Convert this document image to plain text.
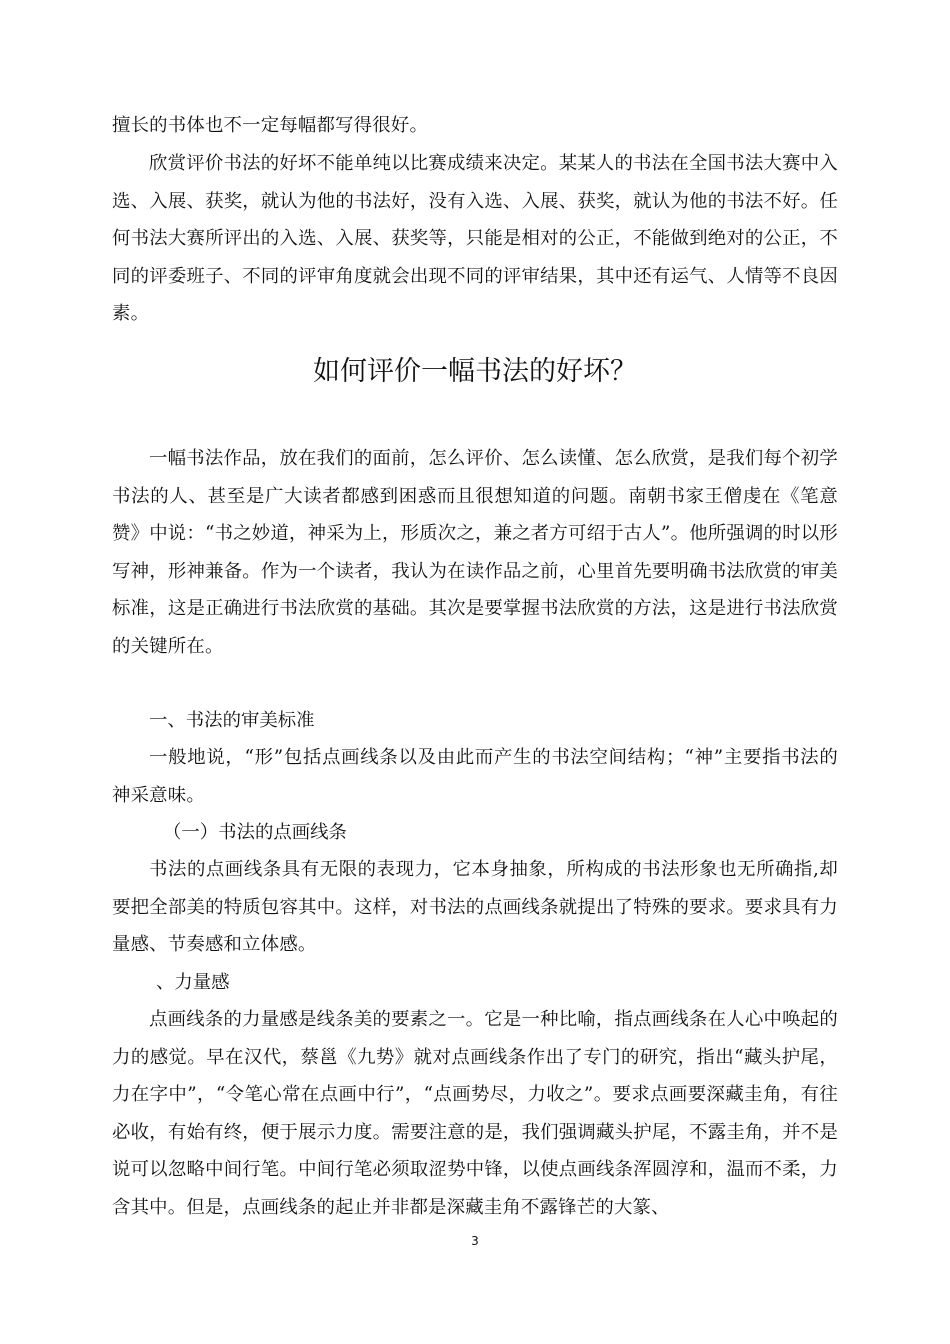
擅长的书体也不一定每幅都写得很好。

欣赏评价书法的好坏不能单纯以比赛成绩来决定。某某人的书法在全国书法大赛中入选、入展、获奖，就认为他的书法好，没有入选、入展、获奖，就认为他的书法不好。任何书法大赛所评出的入选、入展、获奖等，只能是相对的公正，不能做到绝对的公正，不同的评委班子、不同的评审角度就会出现不同的评审结果，其中还有运气、人情等不良因素。

如何评价一幅书法的好坏？

一幅书法作品，放在我们的面前，怎么评价、怎么读懂、怎么欣赏，是我们每个初学书法的人、甚至是广大读者都感到困惑而且很想知道的问题。南朝书家王僧虔在《笔意赞》中说：“书之妙道，神采为上，形质次之，兼之者方可绍于古人”。他所强调的时以形写神，形神兼备。作为一个读者，我认为在读作品之前，心里首先要明确书法欣赏的审美标准，这是正确进行书法欣赏的基础。其次是要掌握书法欣赏的方法，这是进行书法欣赏的关键所在。

一、书法的审美标准

一般地说，“形”包括点画线条以及由此而产生的书法空间结构；“神”主要指书法的神采意味。

（一）书法的点画线条

书法的点画线条具有无限的表现力，它本身抽象，所构成的书法形象也无所确指,却要把全部美的特质包容其中。这样，对书法的点画线条就提出了特殊的要求。要求具有力量感、节奏感和立体感。

、力量感

点画线条的力量感是线条美的要素之一。它是一种比喻，指点画线条在人心中唤起的力的感觉。早在汉代，蔡邕《九势》就对点画线条作出了专门的研究，指出“藏头护尾，力在字中”，“令笔心常在点画中行”，“点画势尽，力收之”。要求点画要深藏圭角，有往必收，有始有终，便于展示力度。需要注意的是，我们强调藏头护尾，不露圭角，并不是说可以忽略中间行笔。中间行笔必须取涩势中锋，以使点画线条浑圆淳和，温而不柔，力含其中。但是，点画线条的起止并非都是深藏圭角不露锋芒的大篆、

3
